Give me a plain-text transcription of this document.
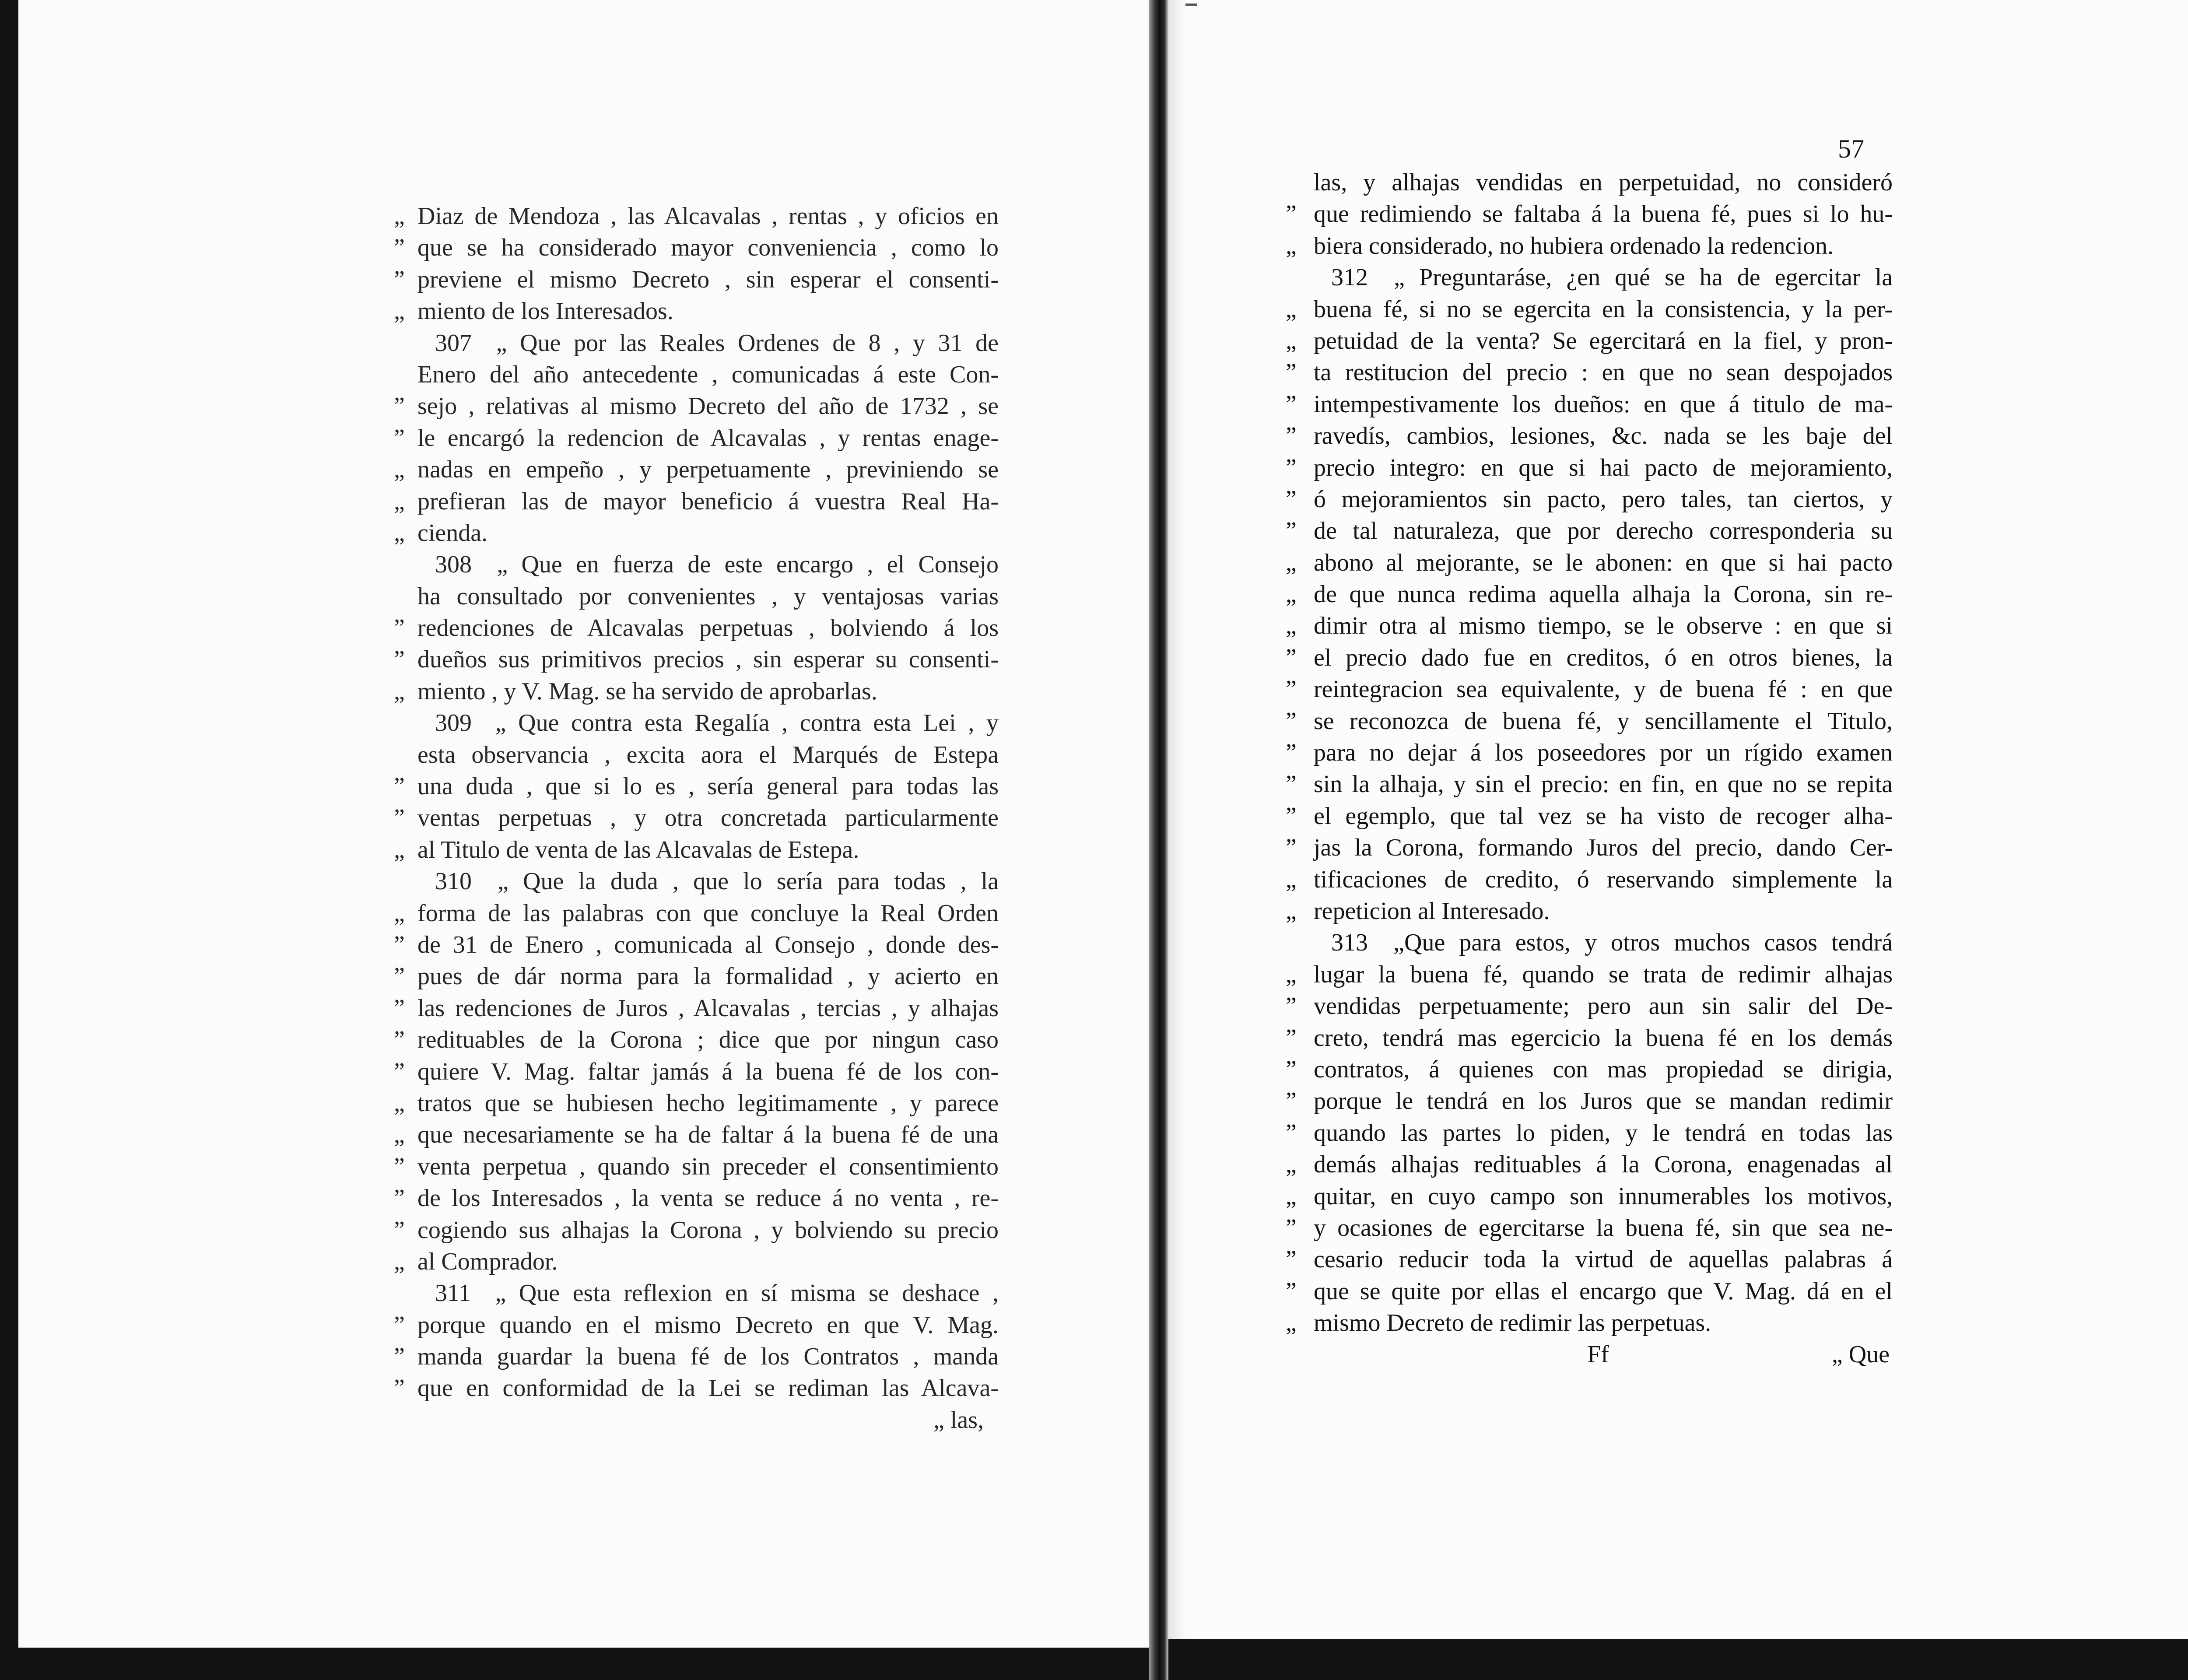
„ Diaz de Mendoza , las Alcavalas , rentas , y oficios en
” que se ha considerado mayor conveniencia , como lo
” previene el mismo Decreto , sin esperar el consenti-
„ miento de los Interesados.
307 „ Que por las Reales Ordenes de 8 , y 31 de
Enero del año antecedente , comunicadas á este Con-
” sejo , relativas al mismo Decreto del año de 1732 , se
” le encargó la redencion de Alcavalas , y rentas enage-
„ nadas en empeño , y perpetuamente , previniendo se
„ prefieran las de mayor beneficio á vuestra Real Ha-
„ cienda.
308 „ Que en fuerza de este encargo , el Consejo
ha consultado por convenientes , y ventajosas varias
” redenciones de Alcavalas perpetuas , bolviendo á los
” dueños sus primitivos precios , sin esperar su consenti-
„ miento , y V. Mag. se ha servido de aprobarlas.
309 „ Que contra esta Regalía , contra esta Lei , y
esta observancia , excita aora el Marqués de Estepa
” una duda , que si lo es , sería general para todas las
” ventas perpetuas , y otra concretada particularmente
„ al Titulo de venta de las Alcavalas de Estepa.
310 „ Que la duda , que lo sería para todas , la
„ forma de las palabras con que concluye la Real Orden
” de 31 de Enero , comunicada al Consejo , donde des-
” pues de dár norma para la formalidad , y acierto en
” las redenciones de Juros , Alcavalas , tercias , y alhajas
” redituables de la Corona ; dice que por ningun caso
” quiere V. Mag. faltar jamás á la buena fé de los con-
„ tratos que se hubiesen hecho legitimamente , y parece
„ que necesariamente se ha de faltar á la buena fé de una
” venta perpetua , quando sin preceder el consentimiento
” de los Interesados , la venta se reduce á no venta , re-
” cogiendo sus alhajas la Corona , y bolviendo su precio
„ al Comprador.
311 „ Que esta reflexion en sí misma se deshace ,
” porque quando en el mismo Decreto en que V. Mag.
” manda guardar la buena fé de los Contratos , manda
” que en conformidad de la Lei se rediman las Alcava-
„ las,
57
las, y alhajas vendidas en perpetuidad, no consideró
” que redimiendo se faltaba á la buena fé, pues si lo hu-
„ biera considerado, no hubiera ordenado la redencion.
312 „ Preguntaráse, ¿en qué se ha de egercitar la
„ buena fé, si no se egercita en la consistencia, y la per-
„ petuidad de la venta? Se egercitará en la fiel, y pron-
” ta restitucion del precio : en que no sean despojados
” intempestivamente los dueños: en que á titulo de ma-
” ravedís, cambios, lesiones, &c. nada se les baje del
” precio integro: en que si hai pacto de mejoramiento,
” ó mejoramientos sin pacto, pero tales, tan ciertos, y
” de tal naturaleza, que por derecho corresponderia su
„ abono al mejorante, se le abonen: en que si hai pacto
„ de que nunca redima aquella alhaja la Corona, sin re-
„ dimir otra al mismo tiempo, se le observe : en que si
” el precio dado fue en creditos, ó en otros bienes, la
” reintegracion sea equivalente, y de buena fé : en que
” se reconozca de buena fé, y sencillamente el Titulo,
” para no dejar á los poseedores por un rígido examen
” sin la alhaja, y sin el precio: en fin, en que no se repita
” el egemplo, que tal vez se ha visto de recoger alha-
” jas la Corona, formando Juros del precio, dando Cer-
„ tificaciones de credito, ó reservando simplemente la
„ repeticion al Interesado.
313 „Que para estos, y otros muchos casos tendrá
„ lugar la buena fé, quando se trata de redimir alhajas
” vendidas perpetuamente; pero aun sin salir del De-
” creto, tendrá mas egercicio la buena fé en los demás
” contratos, á quienes con mas propiedad se dirigia,
” porque le tendrá en los Juros que se mandan redimir
” quando las partes lo piden, y le tendrá en todas las
„ demás alhajas redituables á la Corona, enagenadas al
„ quitar, en cuyo campo son innumerables los motivos,
” y ocasiones de egercitarse la buena fé, sin que sea ne-
” cesario reducir toda la virtud de aquellas palabras á
” que se quite por ellas el encargo que V. Mag. dá en el
„ mismo Decreto de redimir las perpetuas.
Ff	„ Que
